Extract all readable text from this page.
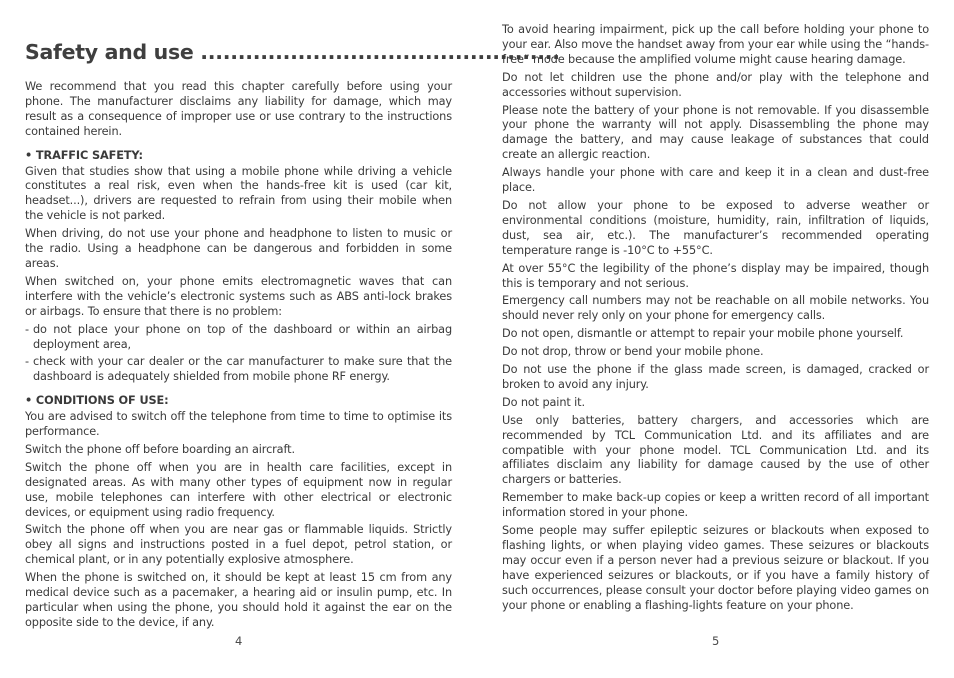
Safety and use ................................................

We recommend that you read this chapter carefully before using your phone. The manufacturer disclaims any liability for damage, which may result as a consequence of improper use or use contrary to the instructions contained herein.

• TRAFFIC SAFETY:

Given that studies show that using a mobile phone while driving a vehicle constitutes a real risk, even when the hands-free kit is used (car kit, headset...), drivers are requested to refrain from using their mobile when the vehicle is not parked.

When driving, do not use your phone and headphone to listen to music or the radio. Using a headphone can be dangerous and forbidden in some areas.

When switched on, your phone emits electromagnetic waves that can interfere with the vehicle’s electronic systems such as ABS anti-lock brakes or airbags. To ensure that there is no problem:

- do not place your phone on top of the dashboard or within an airbag deployment area,
- check with your car dealer or the car manufacturer to make sure that the dashboard is adequately shielded from mobile phone RF energy.
• CONDITIONS OF USE:

You are advised to switch off the telephone from time to time to optimise its performance.

Switch the phone off before boarding an aircraft.

Switch the phone off when you are in health care facilities, except in designated areas. As with many other types of equipment now in regular use, mobile telephones can interfere with other electrical or electronic devices, or equipment using radio frequency.

Switch the phone off when you are near gas or flammable liquids. Strictly obey all signs and instructions posted in a fuel depot, petrol station, or chemical plant, or in any potentially explosive atmosphere.

When the phone is switched on, it should be kept at least 15 cm from any medical device such as a pacemaker, a hearing aid or insulin pump, etc. In particular when using the phone, you should hold it against the ear on the opposite side to the device, if any.

4

To avoid hearing impairment, pick up the call before holding your phone to your ear. Also move the handset away from your ear while using the “hands-free” mode because the amplified volume might cause hearing damage.

Do not let children use the phone and/or play with the telephone and accessories without supervision.

Please note the battery of your phone is not removable. If you disassemble your phone the warranty will not apply. Disassembling the phone may damage the battery, and may cause leakage of substances that could create an allergic reaction.

Always handle your phone with care and keep it in a clean and dust-free place.

Do not allow your phone to be exposed to adverse weather or environmental conditions (moisture, humidity, rain, infiltration of liquids, dust, sea air, etc.). The manufacturer’s recommended operating temperature range is -10°C to +55°C.

At over 55°C the legibility of the phone’s display may be impaired, though this is temporary and not serious.

Emergency call numbers may not be reachable on all mobile networks. You should never rely only on your phone for emergency calls.

Do not open, dismantle or attempt to repair your mobile phone yourself.

Do not drop, throw or bend your mobile phone.

Do not use the phone if the glass made screen, is damaged, cracked or broken to avoid any injury.

Do not paint it.

Use only batteries, battery chargers, and accessories which are recommended by TCL Communication Ltd. and its affiliates and are compatible with your phone model. TCL Communication Ltd. and its affiliates disclaim any liability for damage caused by the use of other chargers or batteries.

Remember to make back-up copies or keep a written record of all important information stored in your phone.

Some people may suffer epileptic seizures or blackouts when exposed to flashing lights, or when playing video games. These seizures or blackouts may occur even if a person never had a previous seizure or blackout. If you have experienced seizures or blackouts, or if you have a family history of such occurrences, please consult your doctor before playing video games on your phone or enabling a flashing-lights feature on your phone.

5
